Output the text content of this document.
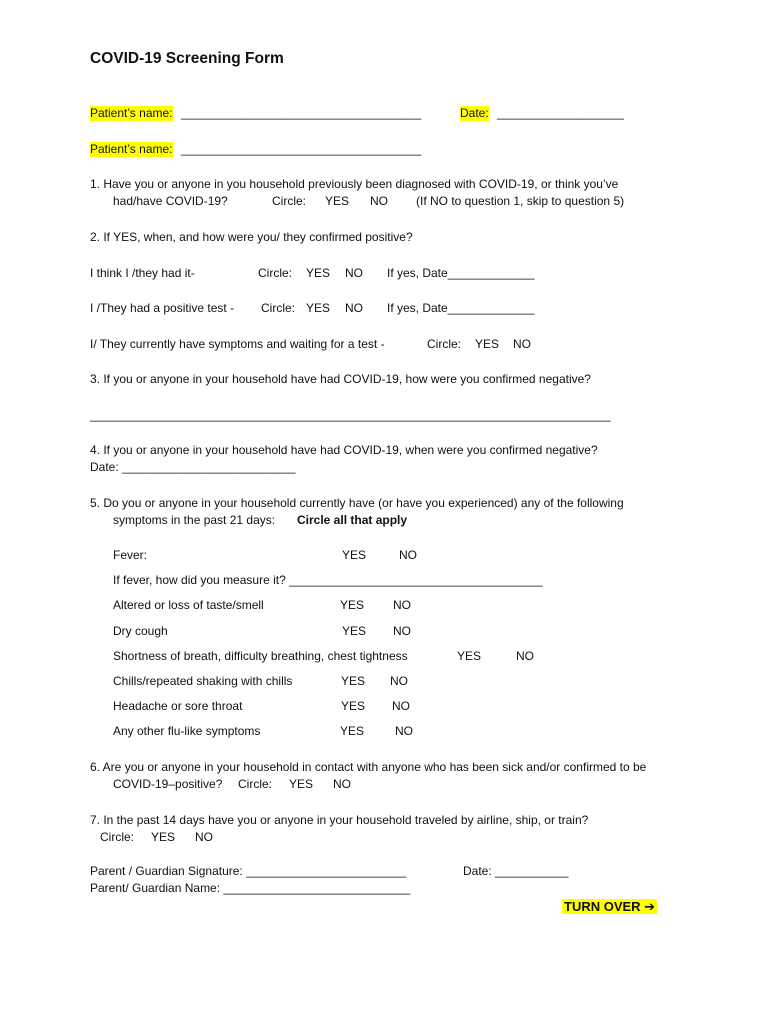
COVID-19 Screening Form
Patient’s name: ____________________________________	Date: ___________________
Patient’s name: ____________________________________
1. Have you or anyone in you household previously been diagnosed with COVID-19, or think you’ve
had/have COVID-19?	Circle: YES NO (If NO to question 1, skip to question 5)
2. If YES, when, and how were you/ they confirmed positive?
I think I /they had it-	Circle: YES NO If yes, Date_____________
I /They had a positive test - Circle: YES NO If yes, Date_____________
I/ They currently have symptoms and waiting for a test -	Circle: YES NO
3. If you or anyone in your household have had COVID-19, how were you confirmed negative?
______________________________________________________________________________
4. If you or anyone in your household have had COVID-19, when were you confirmed negative?
Date: __________________________
5. Do you or anyone in your household currently have (or have you experienced) any of the following
symptoms in the past 21 days: Circle all that apply
Fever:	YES	NO
If fever, how did you measure it? ______________________________________
Altered or loss of taste/smell	YES NO
Dry cough	YES NO
Shortness of breath, difficulty breathing, chest tightness	YES	NO
Chills/repeated shaking with chills	YES NO
Headache or sore throat	YES NO
Any other flu-like symptoms	YES	NO
6. Are you or anyone in your household in contact with anyone who has been sick and/or confirmed to be
COVID-19–positive? Circle: YES NO
7. In the past 14 days have you or anyone in your household traveled by airline, ship, or train?
Circle: YES NO
Parent / Guardian Signature: ________________________	Date: ___________
Parent/ Guardian Name: ____________________________
TURN OVER ➔
